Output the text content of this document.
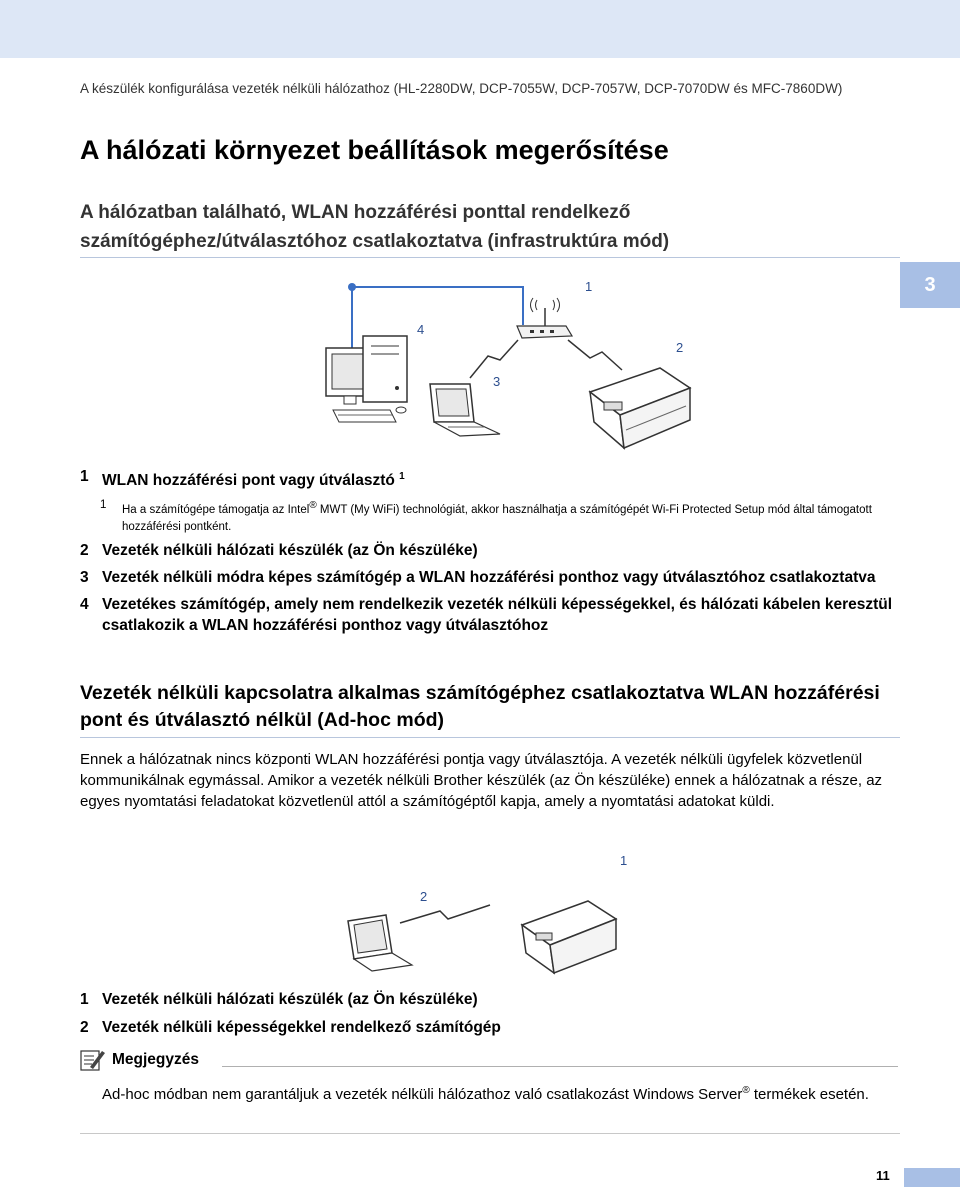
A készülék konfigurálása vezeték nélküli hálózathoz (HL-2280DW, DCP-7055W, DCP-7057W, DCP-7070DW és MFC-7860DW)
A hálózati környezet beállítások megerősítése
A hálózatban található, WLAN hozzáférési ponttal rendelkező számítógéphez/útválasztóhoz csatlakoztatva (infrastruktúra mód)
3
1
4
2
3
1 WLAN hozzáférési pont vagy útválasztó $^1$
1 Ha a számítógépe támogatja az Intel® MWT (My WiFi) technológiát, akkor használhatja a számítógépét Wi-Fi Protected Setup mód által támogatott hozzáférési pontként.
2 Vezeték nélküli hálózati készülék (az Ön készüléke)
3 Vezeték nélküli módra képes számítógép a WLAN hozzáférési ponthoz vagy útválasztóhoz csatlakoztatva
4 Vezetékes számítógép, amely nem rendelkezik vezeték nélküli képességekkel, és hálózati kábelen keresztül csatlakozik a WLAN hozzáférési ponthoz vagy útválasztóhoz
Vezeték nélküli kapcsolatra alkalmas számítógéphez csatlakoztatva WLAN hozzáférési pont és útválasztó nélkül (Ad-hoc mód)

Ennek a hálózatnak nincs központi WLAN hozzáférési pontja vagy útválasztója. A vezeték nélküli ügyfelek közvetlenül kommunikálnak egymással. Amikor a vezeték nélküli Brother készülék (az Ön készüléke) ennek a hálózatnak a része, az egyes nyomtatási feladatokat közvetlenül attól a számítógéptől kapja, amely a nyomtatási adatokat küldi.

1
2
1 Vezeték nélküli hálózati készülék (az Ön készüléke)
2 Vezeték nélküli képességekkel rendelkező számítógép
Megjegyzés

Ad-hoc módban nem garantáljuk a vezeték nélküli hálózathoz való csatlakozást Windows Server® termékek esetén.

11
